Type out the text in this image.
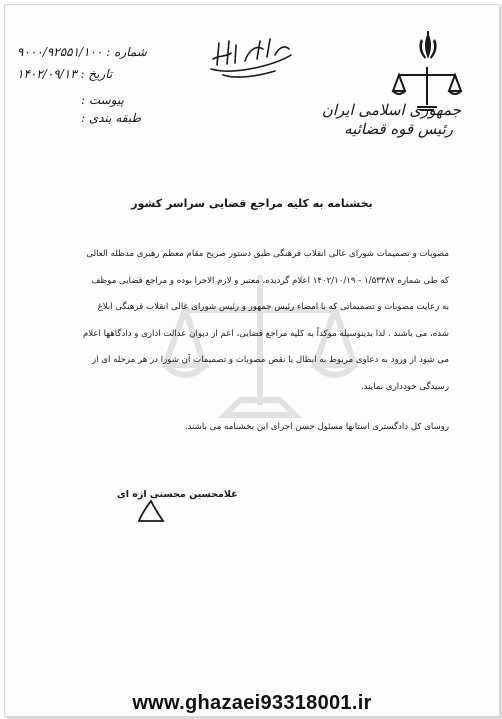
جمهوری اسلامی ایران
رئیس قوه قضائیه
شماره : ۹۰۰۰/۹۲۵۵۱/۱۰۰
تاریخ : ۱۴۰۲/۰۹/۱۳
پیوست :
طبقه بندی :
بخشنامه به کلیه مراجع قضایی سراسر کشور

مصوبات و تصمیمات شورای عالی انقلاب فرهنگی طبق دستور صریح مقام معظم رهبری مدظله العالی

که طی شماره ۱/۵۳۳۸۷ - ۱۴۰۲/۱۰/۱۹ اعلام گردیده، معتبر و لازم الاجرا بوده و مراجع قضایی موظف

به رعایت مصوبات و تصمیماتی که با امضاء رئیس جمهور و رئیس شورای عالی انقلاب فرهنگی ابلاغ

شده، می باشند . لذا بدینوسیله موکداً به کلیه مراجع قضایی، اعم از دیوان عدالت اداری و دادگاهها اعلام

می شود از ورود به دعاوی مربوط به ابطال یا نقض مصوبات و تصمیمات آن شورا در هر مرحله ای از

رسیدگی خودداری نمایند.

روسای کل دادگستری استانها مسئول حسن اجرای این بخشنامه می باشند.
غلامحسین محسنی اژه ای
www.ghazaei93318001.ir
